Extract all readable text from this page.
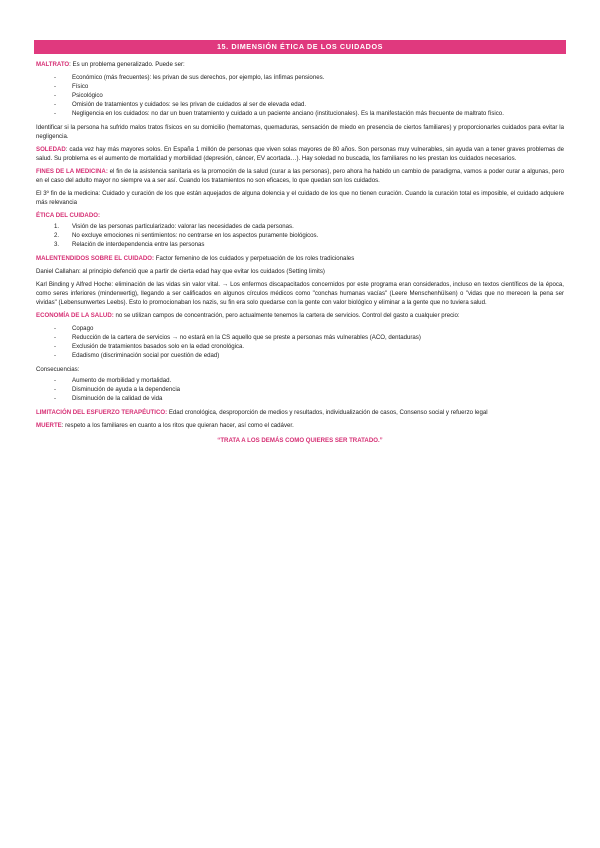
15. DIMENSIÓN ÉTICA DE LOS CUIDADOS

MALTRATO: Es un problema generalizado. Puede ser:

- Económico (más frecuentes): les privan de sus derechos, por ejemplo, las ínfimas pensiones.
- Físico
- Psicológico
- Omisión de tratamientos y cuidados: se les privan de cuidados al ser de elevada edad.
- Negligencia en los cuidados: no dar un buen tratamiento y cuidado a un paciente anciano (institucionales). Es la manifestación más frecuente de maltrato físico.

Identificar si la persona ha sufrido malos tratos físicos en su domicilio (hematomas, quemaduras, sensación de miedo en presencia de ciertos familiares) y proporcionarles cuidados para evitar la negligencia.

SOLEDAD: cada vez hay más mayores solos. En España 1 millón de personas que viven solas mayores de 80 años. Son personas muy vulnerables, sin ayuda van a tener graves problemas de salud. Su problema es el aumento de mortalidad y morbilidad (depresión, cáncer, EV acortada…). Hay soledad no buscada, los familiares no les prestan los cuidados necesarios.

FINES DE LA MEDICINA: el fin de la asistencia sanitaria es la promoción de la salud (curar a las personas), pero ahora ha habido un cambio de paradigma, vamos a poder curar a algunas, pero en el caso del adulto mayor no siempre va a ser así. Cuando los tratamientos no son eficaces, lo que quedan son los cuidados.

El 3º fin de la medicina: Cuidado y curación de los que están aquejados de alguna dolencia y el cuidado de los que no tienen curación. Cuando la curación total es imposible, el cuidado adquiere más relevancia

ÉTICA DEL CUIDADO:

1. Visión de las personas particularizado: valorar las necesidades de cada personas.
2. No excluye emociones ni sentimientos: no centrarse en los aspectos puramente biológicos.
3. Relación de interdependencia entre las personas

MALENTENDIDOS SOBRE EL CUIDADO: Factor femenino de los cuidados y perpetuación de los roles tradicionales

Daniel Callahan: al principio defenció que a partir de cierta edad hay que evitar los cuidados (Setting limits)

Karl Binding y Alfred Hoche: eliminación de las vidas sin valor vital. → Los enfermos discapacitados concernidos por este programa eran considerados, incluso en textos científicos de la época, como seres inferiores (minderwertig), llegando a ser calificados en algunos círculos médicos como "conchas humanas vacías" (Leere Menschenhülsen) o "vidas que no merecen la pena ser vividas" (Lebensunwertes Leebs). Esto lo promocionaban los nazis, su fin era solo quedarse con la gente con valor biológico y eliminar a la gente que no tuviera salud.

ECONOMÍA DE LA SALUD: no se utilizan campos de concentración, pero actualmente tenemos la cartera de servicios. Control del gasto a cualquier precio:

- Copago
- Reducción de la cartera de servicios → no estará en la CS aquello que se preste a personas más vulnerables (ACO, dentaduras)
- Exclusión de tratamientos basados solo en la edad cronológica.
- Edadismo (discriminación social por cuestión de edad)

Consecuencias:

- Aumento de morbilidad y mortalidad.
- Disminución de ayuda a la dependencia
- Disminución de la calidad de vida

LIMITACIÓN DEL ESFUERZO TERAPÉUTICO: Edad cronológica, desproporción de medios y resultados, individualización de casos, Consenso social y refuerzo legal

MUERTE: respeto a los familiares en cuanto a los ritos que quieran hacer, así como el cadáver.

“TRATA A LOS DEMÁS COMO QUIERES SER TRATADO.”
